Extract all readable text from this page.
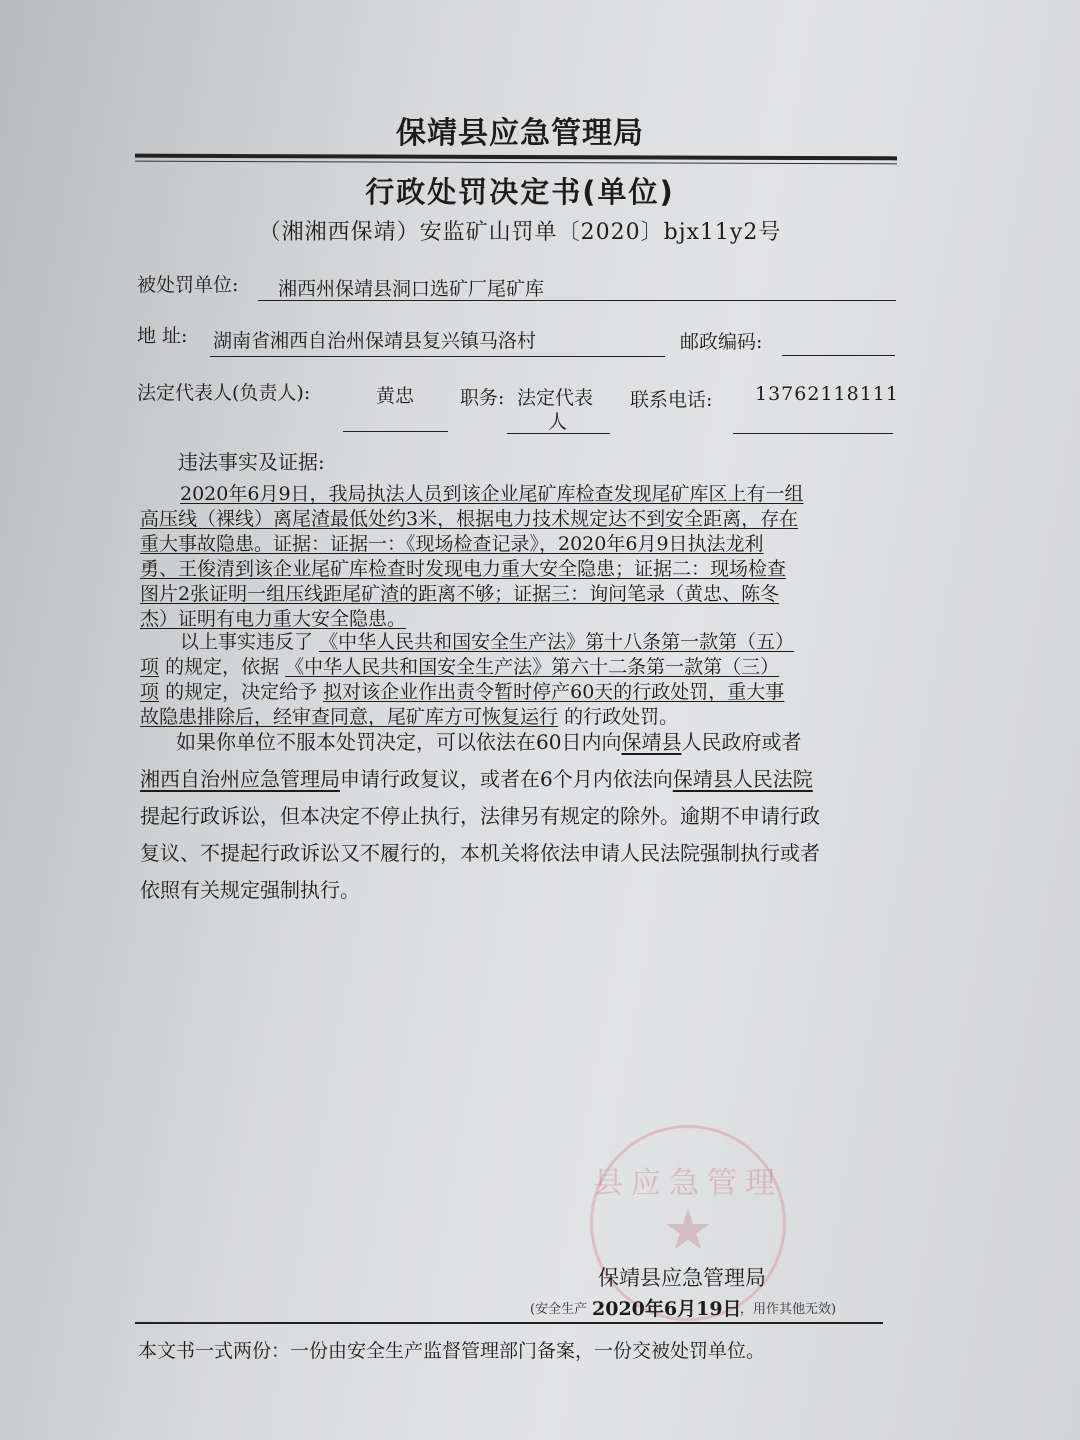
保靖县应急管理局
行政处罚决定书(单位)
（湘湘西保靖）安监矿山罚单〔2020〕bjx11y2号
被处罚单位: 湘西州保靖县洞口选矿厂尾矿库
地 址: 湖南省湘西自治州保靖县复兴镇马洛村	邮政编码:
法定代表人(负责人):	黄忠 职务: 法定代表
人
联系电话: 13762118111
违法事实及证据:
2020年6月9日，我局执法人员到该企业尾矿库检查发现尾矿库区上有一组
高压线（裸线）离尾渣最低处约3米，根据电力技术规定达不到安全距离，存在
重大事故隐患。证据：证据一：《现场检查记录》，2020年6月9日执法龙利
勇、王俊清到该企业尾矿库检查时发现电力重大安全隐患；证据二：现场检查
图片2张证明一组压线距尾矿渣的距离不够；证据三：询问笔录（黄忠、陈冬
杰）证明有电力重大安全隐患。
以上事实违反了 《中华人民共和国安全生产法》第十八条第一款第（五）
项 的规定，依据 《中华人民共和国安全生产法》第六十二条第一款第（三）
项 的规定，决定给予 拟对该企业作出责令暂时停产60天的行政处罚，重大事
故隐患排除后，经审查同意，尾矿库方可恢复运行 的行政处罚。
如果你单位不服本处罚决定，可以依法在60日内向保靖县人民政府或者
湘西自治州应急管理局申请行政复议，或者在6个月内依法向保靖县人民法院
提起行政诉讼，但本决定不停止执行，法律另有规定的除外。逾期不申请行政
复议、不提起行政诉讼又不履行的，本机关将依法申请人民法院强制执行或者
依照有关规定强制执行。
县应急管理
★
保靖县应急管理局
(安全生产 2020年6月19日
，用作其他无效)
本文书一式两份：一份由安全生产监督管理部门备案，一份交被处罚单位。
